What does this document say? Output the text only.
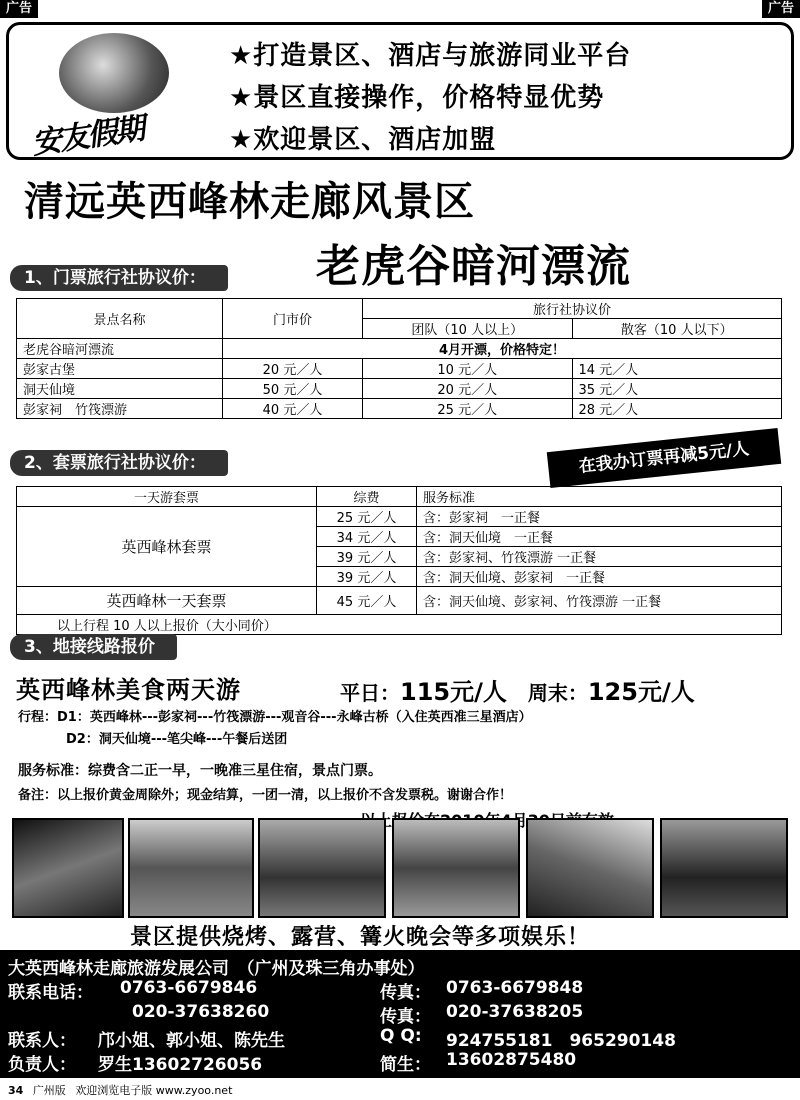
广告	广告
安友假期
★打造景区、酒店与旅游同业平台
★景区直接操作，价格特显优势
★欢迎景区、酒店加盟
清远英西峰林走廊风景区
老虎谷暗河漂流
1、门票旅行社协议价：
景点名称	门市价	旅行社协议价	
		团队（10 人以上）	散客（10 人以下）
老虎谷暗河漂流	4月开漂，价格特定！		
彭家古堡	20 元／人	10 元／人	14 元／人
洞天仙境	50 元／人	20 元／人	35 元／人
彭家祠　竹筏漂游	40 元／人	25 元／人	28 元／人
2、套票旅行社协议价：	在我办订票再减5元/人
一天游套票	综费	服务标准
英西峰林套票	25 元／人	含：彭家祠　一正餐
	34 元／人	含：洞天仙境　一正餐
	39 元／人	含：彭家祠、竹筏漂游 一正餐
	39 元／人	含：洞天仙境、彭家祠　一正餐
英西峰林一天套票	45 元／人	含：洞天仙境、彭家祠、竹筏漂游 一正餐
以上行程 10 人以上报价（大小同价）		
3、地接线路报价
英西峰林美食两天游	平日：115元/人 周末：125元/人
行程：D1：英西峰林---彭家祠---竹筏漂游---观音谷---永峰古桥（入住英西准三星酒店）
D2：洞天仙境---笔尖峰---午餐后送团
服务标准：综费含二正一早，一晚准三星住宿，景点门票。
备注：以上报价黄金周除外；现金结算，一团一清，以上报价不含发票税。谢谢合作！
景区提供烧烤、露营、篝火晚会等多项娱乐！
大英西峰林走廊旅游发展公司　（广州及珠三角办事处）
联系电话： 0763-6679846
020-37638260
传真： 0763-6679848
传真： 020-37638205
联系人： 邝小姐、郭小姐、陈先生	Q Q: 924755181　965290148
负责人： 罗生13602726056	简生： 13602875480
34 广州版 欢迎浏览电子版 www.zyoo.net
